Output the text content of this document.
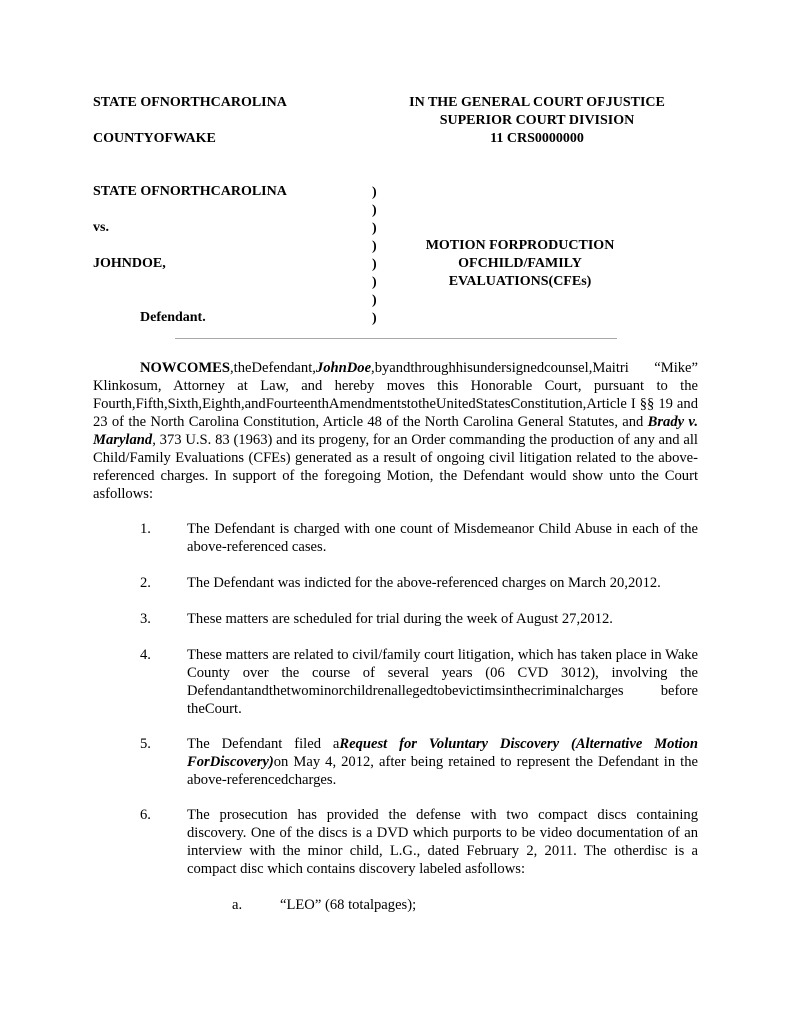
STATE OFNORTHCAROLINA
COUNTYOFWAKE
IN THE GENERAL COURT OFJUSTICE
SUPERIOR COURT DIVISION
11 CRS0000000
STATE OFNORTHCAROLINA
vs.
JOHNDOE,
Defendant.
)
)
)
)
)
)
)
)
MOTION FORPRODUCTION
OFCHILD/FAMILY
EVALUATIONS(CFEs)
NOWCOMES,theDefendant,JohnDoe,byandthroughhisundersignedcounsel,Maitri “Mike” Klinkosum, Attorney at Law, and hereby moves this Honorable Court, pursuant to the Fourth,Fifth,Sixth,Eighth,andFourteenthAmendmentstotheUnitedStatesConstitution,Article I §§ 19 and 23 of the North Carolina Constitution, Article 48 of the North Carolina General Statutes, and Brady v. Maryland, 373 U.S. 83 (1963) and its progeny, for an Order commanding the production of any and all Child/Family Evaluations (CFEs) generated as a result of ongoing civil litigation related to the above-referenced charges. In support of the foregoing Motion, the Defendant would show unto the Court asfollows:
1.	The Defendant is charged with one count of Misdemeanor Child Abuse in each of the above-referenced cases.
2.	The Defendant was indicted for the above-referenced charges on March 20,2012.
3.	These matters are scheduled for trial during the week of August 27,2012.
4.	These matters are related to civil/family court litigation, which has taken place in Wake County over the course of several years (06 CVD 3012), involving the Defendantandthetwominorchildrenallegedtobevictimsinthecriminalcharges before theCourt.
5.	The Defendant filed aRequest for Voluntary Discovery (Alternative Motion ForDiscovery)on May 4, 2012, after being retained to represent the Defendant in the above-referencedcharges.
6.	The prosecution has provided the defense with two compact discs containing discovery. One of the discs is a DVD which purports to be video documentation of an interview with the minor child, L.G., dated February 2, 2011. The otherdisc is a compact disc which contains discovery labeled asfollows:
a.	“LEO” (68 totalpages);
